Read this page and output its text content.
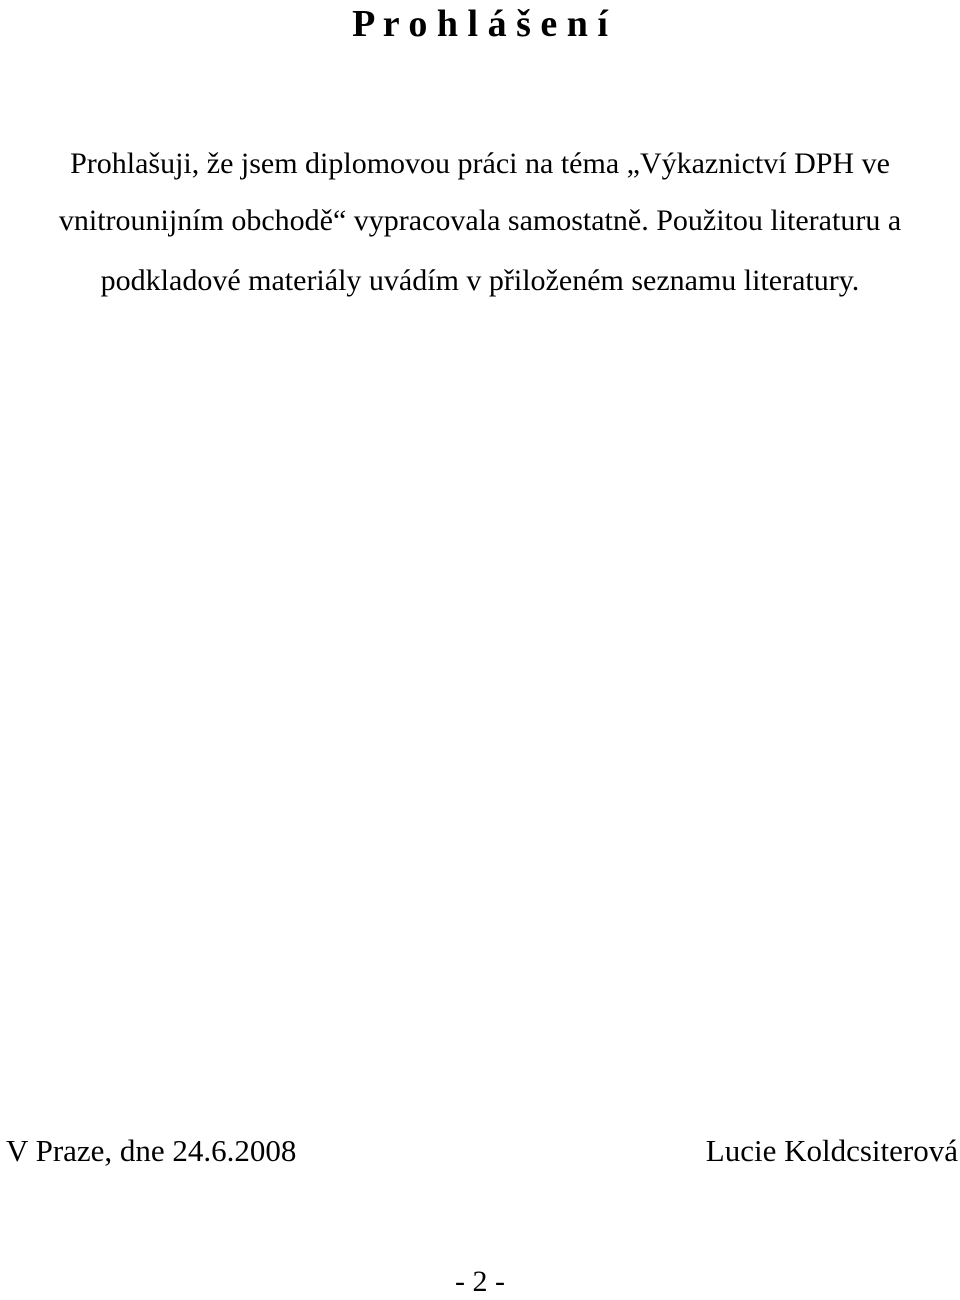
P r o h l á š e n í
Prohlašuji, že jsem diplomovou práci na téma „Výkaznictví DPH ve
vnitrounijním obchodě“ vypracovala samostatně. Použitou literaturu a
podkladové materiály uvádím v přiloženém seznamu literatury.
V Praze, dne 24.6.2008	Lucie Koldcsiterová
- 2 -
